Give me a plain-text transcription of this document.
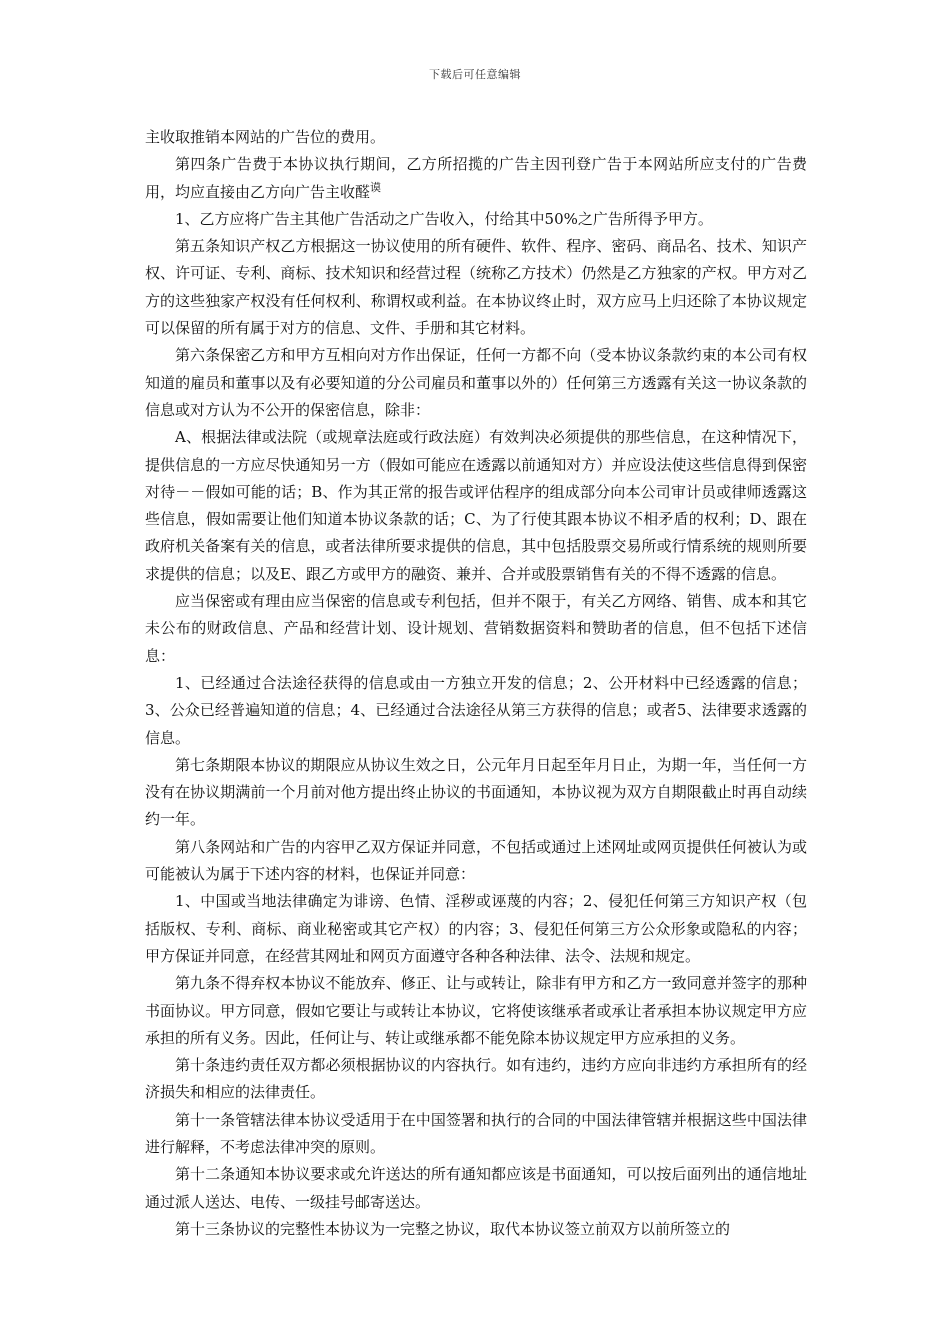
下载后可任意编辑

主收取推销本网站的广告位的费用。

第四条广告费于本协议执行期间，乙方所招揽的广告主因刊登广告于本网站所应支付的广告费用，均应直接由乙方向广告主收醛$^谟$

1、乙方应将广告主其他广告活动之广告收入，付给其中50%之广告所得予甲方。

第五条知识产权乙方根据这一协议使用的所有硬件、软件、程序、密码、商品名、技术、知识产权、许可证、专利、商标、技术知识和经营过程（统称乙方技术）仍然是乙方独家的产权。甲方对乙方的这些独家产权没有任何权利、称谓权或利益。在本协议终止时，双方应马上归还除了本协议规定可以保留的所有属于对方的信息、文件、手册和其它材料。

第六条保密乙方和甲方互相向对方作出保证，任何一方都不向（受本协议条款约束的本公司有权知道的雇员和董事以及有必要知道的分公司雇员和董事以外的）任何第三方透露有关这一协议条款的信息或对方认为不公开的保密信息，除非：

A、根据法律或法院（或规章法庭或行政法庭）有效判决必须提供的那些信息，在这种情况下，提供信息的一方应尽快通知另一方（假如可能应在透露以前通知对方）并应设法使这些信息得到保密对待－－假如可能的话；B、作为其正常的报告或评估程序的组成部分向本公司审计员或律师透露这些信息，假如需要让他们知道本协议条款的话；C、为了行使其跟本协议不相矛盾的权利；D、跟在政府机关备案有关的信息，或者法律所要求提供的信息，其中包括股票交易所或行情系统的规则所要求提供的信息；以及E、跟乙方或甲方的融资、兼并、合并或股票销售有关的不得不透露的信息。

应当保密或有理由应当保密的信息或专利包括，但并不限于，有关乙方网络、销售、成本和其它未公布的财政信息、产品和经营计划、设计规划、营销数据资料和赞助者的信息，但不包括下述信息：

1、已经通过合法途径获得的信息或由一方独立开发的信息；2、公开材料中已经透露的信息；3、公众已经普遍知道的信息；4、已经通过合法途径从第三方获得的信息；或者5、法律要求透露的信息。

第七条期限本协议的期限应从协议生效之日，公元年月日起至年月日止，为期一年，当任何一方没有在协议期满前一个月前对他方提出终止协议的书面通知，本协议视为双方自期限截止时再自动续约一年。

第八条网站和广告的内容甲乙双方保证并同意，不包括或通过上述网址或网页提供任何被认为或可能被认为属于下述内容的材料，也保证并同意：

1、中国或当地法律确定为诽谤、色情、淫秽或诬蔑的内容；2、侵犯任何第三方知识产权（包括版权、专利、商标、商业秘密或其它产权）的内容；3、侵犯任何第三方公众形象或隐私的内容；甲方保证并同意，在经营其网址和网页方面遵守各种各种法律、法令、法规和规定。

第九条不得弃权本协议不能放弃、修正、让与或转让，除非有甲方和乙方一致同意并签字的那种书面协议。甲方同意，假如它要让与或转让本协议，它将使该继承者或承让者承担本协议规定甲方应承担的所有义务。因此，任何让与、转让或继承都不能免除本协议规定甲方应承担的义务。

第十条违约责任双方都必须根据协议的内容执行。如有违约，违约方应向非违约方承担所有的经济损失和相应的法律责任。

第十一条管辖法律本协议受适用于在中国签署和执行的合同的中国法律管辖并根据这些中国法律进行解释，不考虑法律冲突的原则。

第十二条通知本协议要求或允许送达的所有通知都应该是书面通知，可以按后面列出的通信地址通过派人送达、电传、一级挂号邮寄送达。

第十三条协议的完整性本协议为一完整之协议，取代本协议签立前双方以前所签立的
